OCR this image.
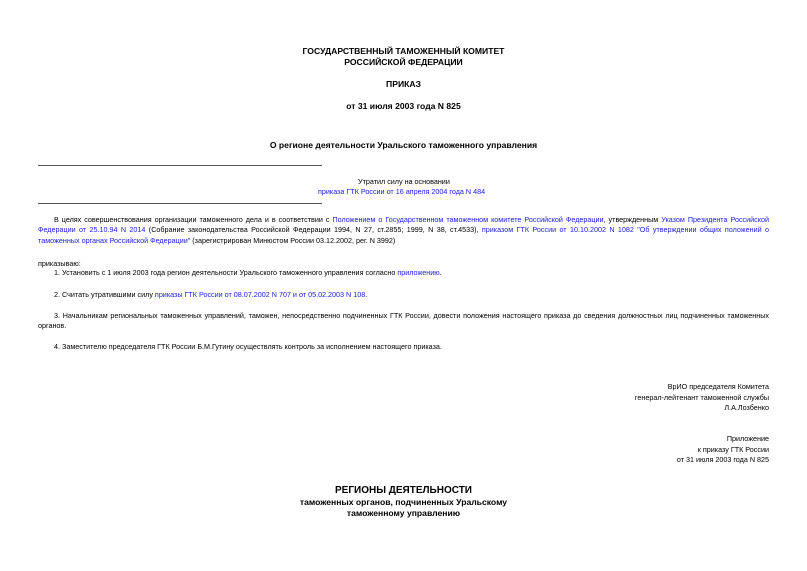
ГОСУДАРСТВЕННЫЙ ТАМОЖЕННЫЙ КОМИТЕТ
РОССИЙСКОЙ ФЕДЕРАЦИИ
ПРИКАЗ
от 31 июля 2003 года N 825
О регионе деятельности Уральского таможенного управления
Утратил силу на основании
приказа ГТК России от 16 апреля 2004 года N 484
В целях совершенствования организации таможенного дела и в соответствии с Положением о Государственном таможенном комитете Российской Федерации, утвержденным Указом Президента Российской Федерации от 25.10.94 N 2014 (Собрание законодательства Российской Федерации 1994, N 27, ст.2855; 1999, N 38, ст.4533), приказом ГТК России от 10.10.2002 N 1082 "Об утверждении общих положений о таможенных органах Российской Федерации" (зарегистрирован Минюстом России 03.12.2002, рег. N 3992)
приказываю:
1. Установить с 1 июля 2003 года регион деятельности Уральского таможенного управления согласно приложению.
2. Считать утратившими силу приказы ГТК России от 08.07.2002 N 707 и от 05.02.2003 N 108.
3. Начальникам региональных таможенных управлений, таможен, непосредственно подчиненных ГТК России, довести положения настоящего приказа до сведения должностных лиц подчиненных таможенных органов.
4. Заместителю председателя ГТК России Б.М.Гутину осуществлять контроль за исполнением настоящего приказа.
ВрИО председателя Комитета
генерал-лейтенант таможенной службы
Л.А.Лозбенко
Приложение
к приказу ГТК России
от 31 июля 2003 года N 825
РЕГИОНЫ ДЕЯТЕЛЬНОСТИ
таможенных органов, подчиненных Уральскому
таможенному управлению
